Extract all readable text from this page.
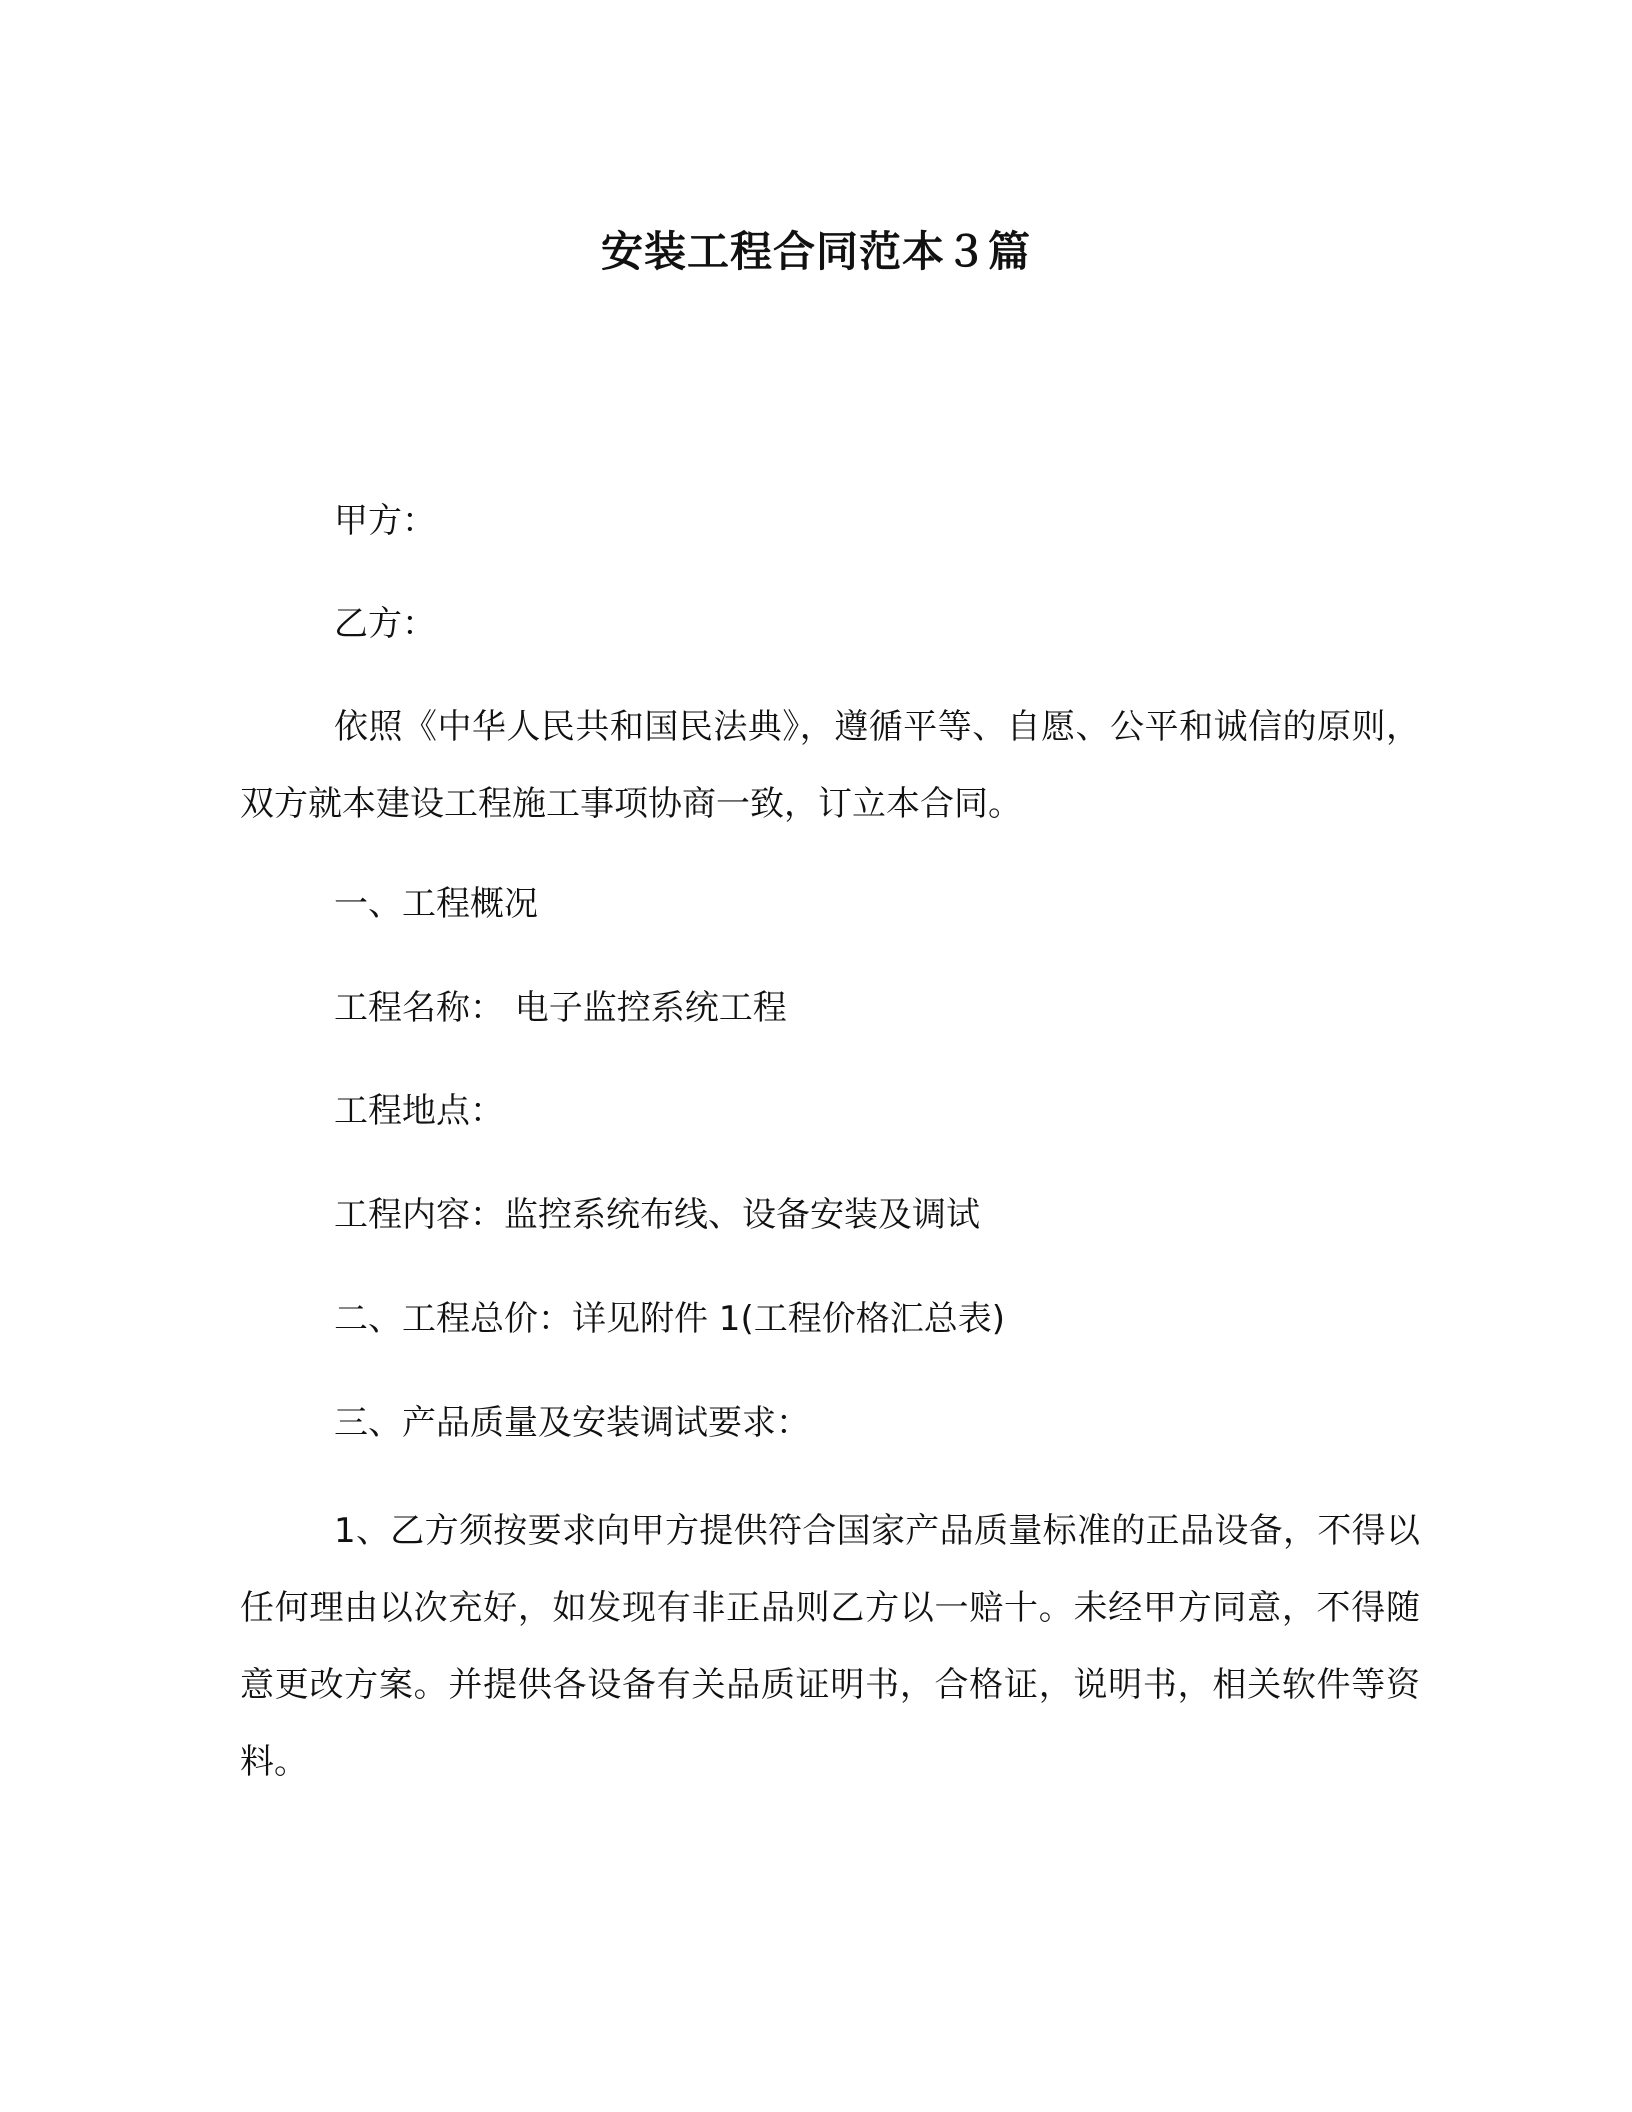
安装工程合同范本３篇
甲方：
乙方：
依照《中华人民共和国民法典》，遵循平等、自愿、公平和诚信的原则，双方就本建设工程施工事项协商一致，订立本合同。
一、工程概况
工程名称： 电子监控系统工程
工程地点：
工程内容：监控系统布线、设备安装及调试
二、工程总价：详见附件 1(工程价格汇总表)
三、产品质量及安装调试要求：
1、乙方须按要求向甲方提供符合国家产品质量标准的正品设备，不得以任何理由以次充好，如发现有非正品则乙方以一赔十。未经甲方同意，不得随意更改方案。并提供各设备有关品质证明书，合格证，说明书，相关软件等资料。
